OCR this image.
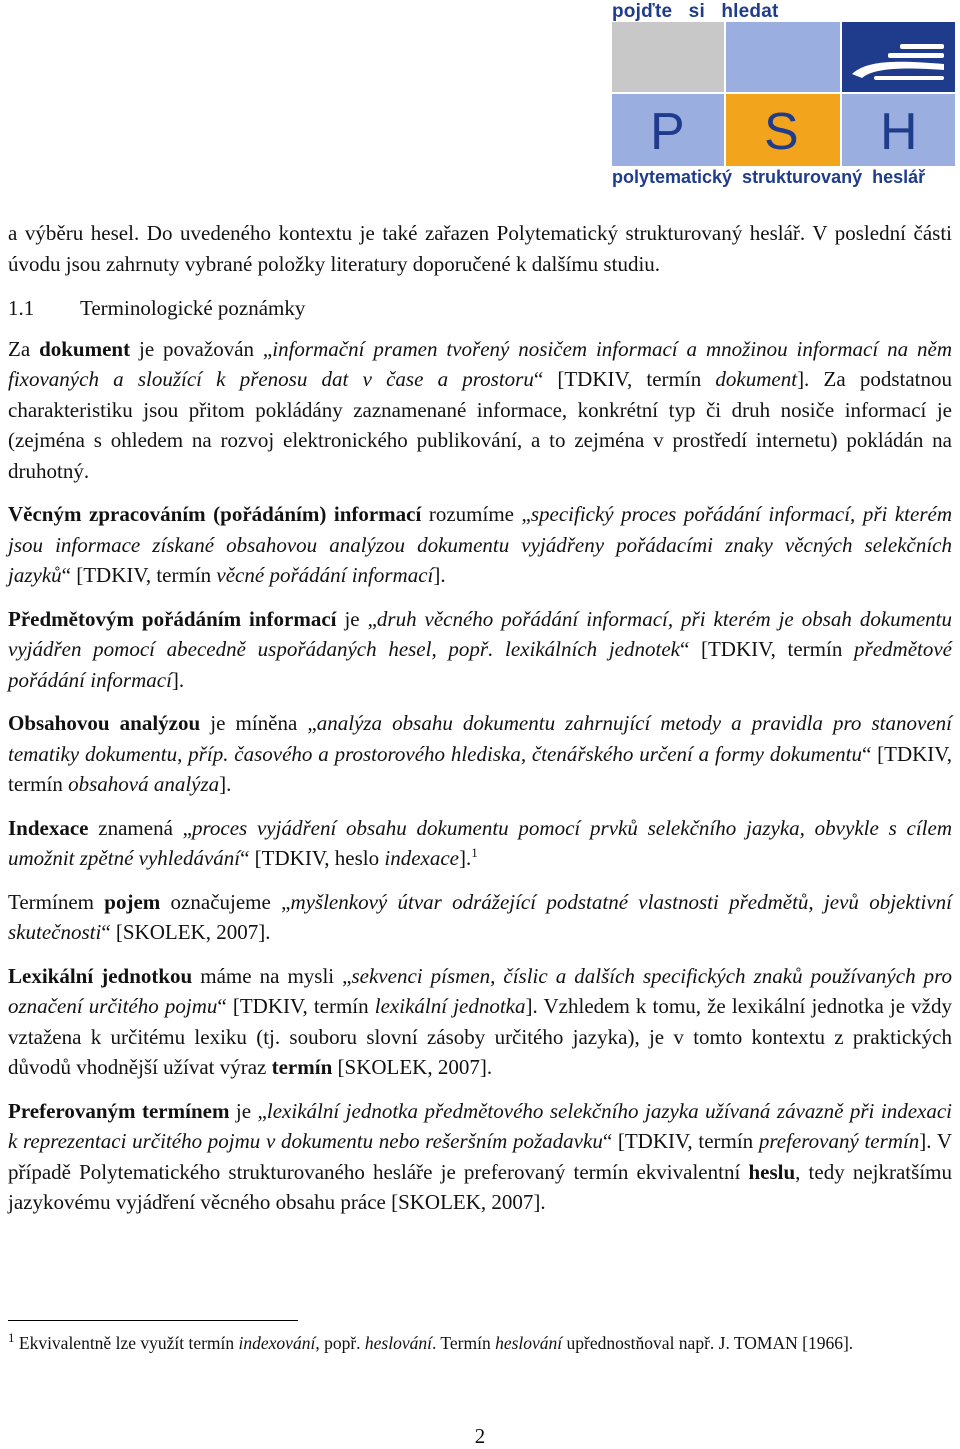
pojďte   si   hledat
P S H
polytematický  strukturovaný  heslář

a výběru hesel. Do uvedeného kontextu je také zařazen Polytematický strukturovaný heslář. V poslední části úvodu jsou zahrnuty vybrané položky literatury doporučené k dalšímu studiu.

1.1 Terminologické poznámky

Za dokument je považován „informační pramen tvořený nosičem informací a množinou informací na něm fixovaných a sloužící k přenosu dat v čase a prostoru“ [TDKIV, termín dokument]. Za podstatnou charakteristiku jsou přitom pokládány zaznamenané informace, konkrétní typ či druh nosiče informací je (zejména s ohledem na rozvoj elektronického publikování, a to zejména v prostředí internetu) pokládán na druhotný.

Věcným zpracováním (pořádáním) informací rozumíme „specifický proces pořádání informací, při kterém jsou informace získané obsahovou analýzou dokumentu vyjádřeny pořádacími znaky věcných selekčních jazyků“ [TDKIV, termín věcné pořádání informací].

Předmětovým pořádáním informací je „druh věcného pořádání informací, při kterém je obsah dokumentu vyjádřen pomocí abecedně uspořádaných hesel, popř. lexikálních jednotek“ [TDKIV, termín předmětové pořádání informací].

Obsahovou analýzou je míněna „analýza obsahu dokumentu zahrnující metody a pravidla pro stanovení tematiky dokumentu, příp. časového a prostorového hlediska, čtenářského určení a formy dokumentu“ [TDKIV, termín obsahová analýza].

Indexace znamená „proces vyjádření obsahu dokumentu pomocí prvků selekčního jazyka, obvykle s cílem umožnit zpětné vyhledávání“ [TDKIV, heslo indexace].$^1$

Termínem pojem označujeme „myšlenkový útvar odrážející podstatné vlastnosti předmětů, jevů objektivní skutečnosti“ [SKOLEK, 2007].

Lexikální jednotkou máme na mysli „sekvenci písmen, číslic a dalších specifických znaků používaných pro označení určitého pojmu“ [TDKIV, termín lexikální jednotka]. Vzhledem k tomu, že lexikální jednotka je vždy vztažena k určitému lexiku (tj. souboru slovní zásoby určitého jazyka), je v tomto kontextu z praktických důvodů vhodnější užívat výraz termín [SKOLEK, 2007].

Preferovaným termínem je „lexikální jednotka předmětového selekčního jazyka užívaná závazně při indexaci k reprezentaci určitého pojmu v dokumentu nebo rešeršním požadavku“ [TDKIV, termín preferovaný termín]. V případě Polytematického strukturovaného hesláře je preferovaný termín ekvivalentní heslu, tedy nejkratšímu jazykovému vyjádření věcného obsahu práce [SKOLEK, 2007].

$^1$ Ekvivalentně lze využít termín indexování, popř. heslování. Termín heslování upřednostňoval např. J. TOMAN [1966].
2
